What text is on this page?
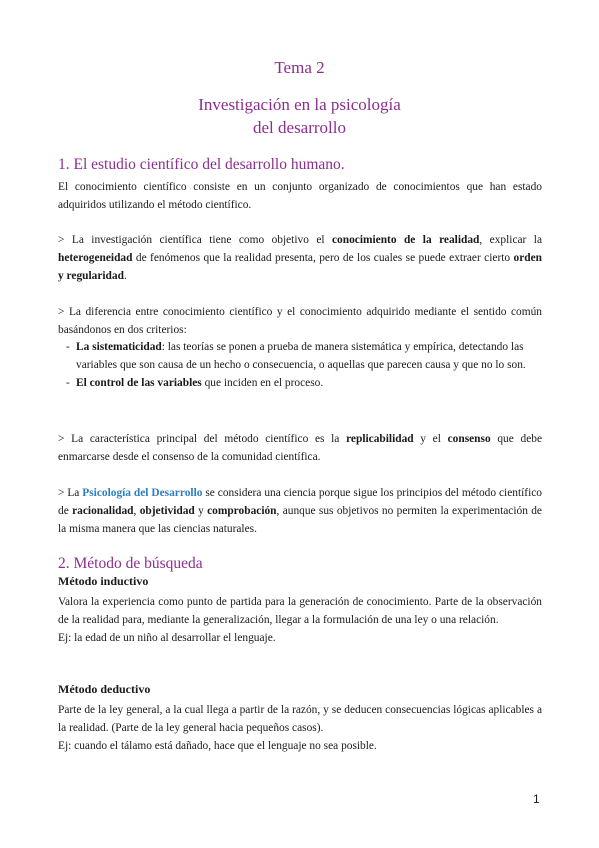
Tema 2
Investigación en la psicología
del desarrollo
1. El estudio científico del desarrollo humano.

El conocimiento científico consiste en un conjunto organizado de conocimientos que han estado adquiridos utilizando el método científico.

> La investigación científica tiene como objetivo el conocimiento de la realidad, explicar la heterogeneidad de fenómenos que la realidad presenta, pero de los cuales se puede extraer cierto orden y regularidad.

> La diferencia entre conocimiento científico y el conocimiento adquirido mediante el sentido común basándonos en dos criterios:

- La sistematicidad: las teorías se ponen a prueba de manera sistemática y empírica, detectando las variables que son causa de un hecho o consecuencia, o aquellas que parecen causa y que no lo son.
- El control de las variables que inciden en el proceso.

> La característica principal del método científico es la replicabilidad y el consenso que debe enmarcarse desde el consenso de la comunidad científica.

> La Psicología del Desarrollo se considera una ciencia porque sigue los principios del método científico de racionalidad, objetividad y comprobación, aunque sus objetivos no permiten la experimentación de la misma manera que las ciencias naturales.

2. Método de búsqueda
Método inductivo
Valora la experiencia como punto de partida para la generación de conocimiento. Parte de la observación de la realidad para, mediante la generalización, llegar a la formulación de una ley o una relación.
Ej: la edad de un niño al desarrollar el lenguaje.
Método deductivo
Parte de la ley general, a la cual llega a partir de la razón, y se deducen consecuencias lógicas aplicables a la realidad. (Parte de la ley general hacia pequeños casos).
Ej: cuando el tálamo está dañado, hace que el lenguaje no sea posible.
1
